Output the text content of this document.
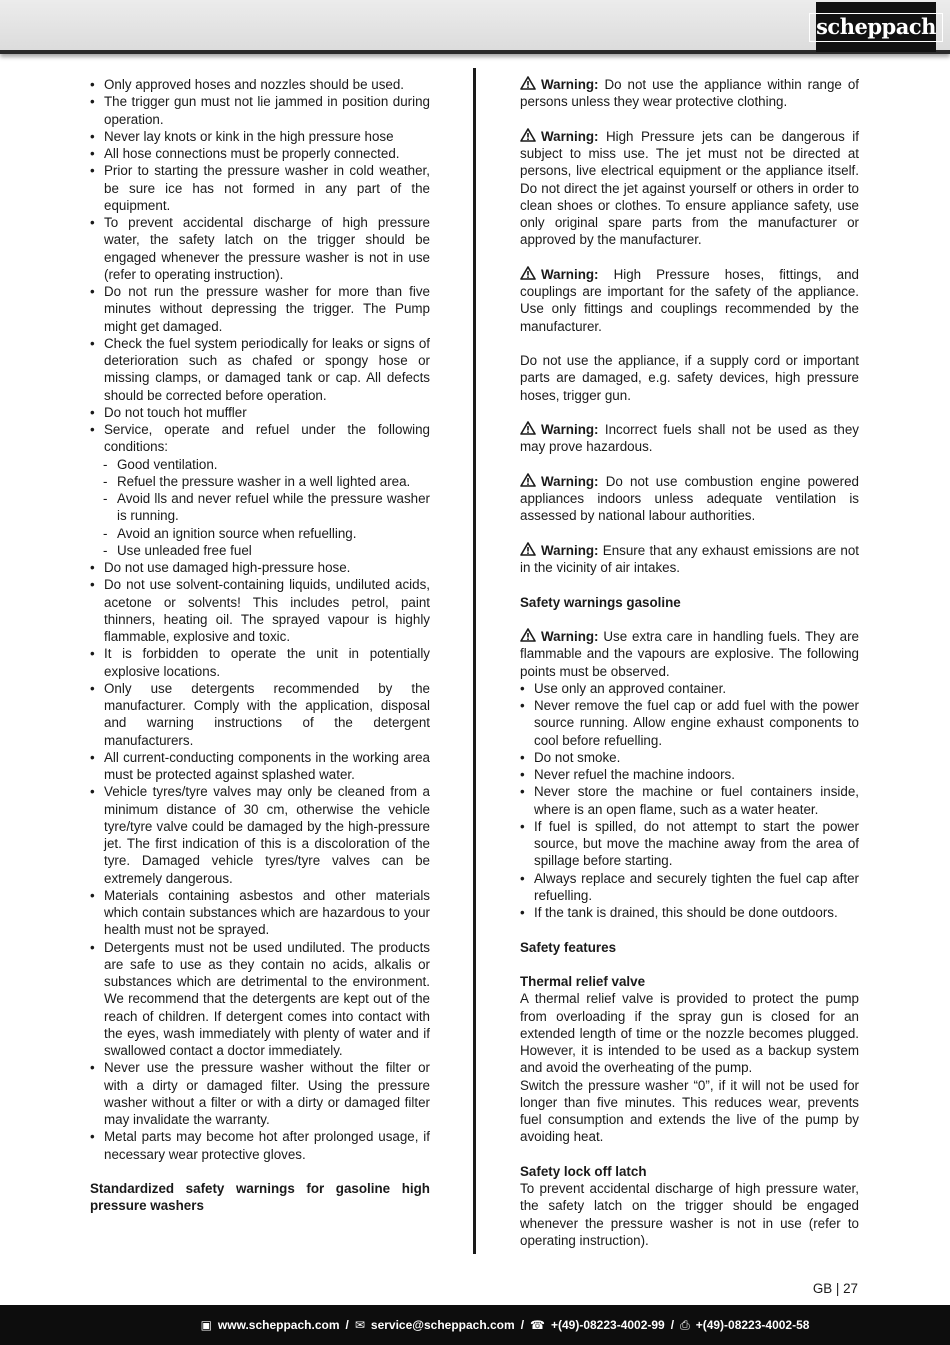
scheppach
• Only approved hoses and nozzles should be used.
• The trigger gun must not lie jammed in position during operation.
• Never lay knots or kink in the high pressure hose
• All hose connections must be properly connected.
• Prior to starting the pressure washer in cold weather, be sure ice has not formed in any part of the equipment.
• To prevent accidental discharge of high pressure water, the safety latch on the trigger should be engaged whenever the pressure washer is not in use (refer to operating instruction).
• Do not run the pressure washer for more than five minutes without depressing the trigger. The Pump might get damaged.
• Check the fuel system periodically for leaks or signs of deterioration such as chafed or spongy hose or missing clamps, or damaged tank or cap. All defects should be corrected before operation.
• Do not touch hot muffler
• Service, operate and refuel under the following conditions:
- Good ventilation.
- Refuel the pressure washer in a well lighted area.
- Avoid lls and never refuel while the pressure washer is running.
- Avoid an ignition source when refuelling.
- Use unleaded free fuel
• Do not use damaged high-pressure hose.
• Do not use solvent-containing liquids, undiluted acids, acetone or solvents! This includes petrol, paint thinners, heating oil. The sprayed vapour is highly flammable, explosive and toxic.
• It is forbidden to operate the unit in potentially explosive locations.
• Only use detergents recommended by the manufacturer. Comply with the application, disposal and warning instructions of the detergent manufacturers.
• All current-conducting components in the working area must be protected against splashed water.
• Vehicle tyres/tyre valves may only be cleaned from a minimum distance of 30 cm, otherwise the vehicle tyre/tyre valve could be damaged by the high-pressure jet. The first indication of this is a discoloration of the tyre. Damaged vehicle tyres/tyre valves can be extremely dangerous.
• Materials containing asbestos and other materials which contain substances which are hazardous to your health must not be sprayed.
• Detergents must not be used undiluted. The products are safe to use as they contain no acids, alkalis or substances which are detrimental to the environment. We recommend that the detergents are kept out of the reach of children. If detergent comes into contact with the eyes, wash immediately with plenty of water and if swallowed contact a doctor immediately.
• Never use the pressure washer without the filter or with a dirty or damaged filter. Using the pressure washer without a filter or with a dirty or damaged filter may invalidate the warranty.
• Metal parts may become hot after prolonged usage, if necessary wear protective gloves.

Standardized safety warnings for gasoline high pressure washers

Warning: Do not use the appliance within range of persons unless they wear protective clothing.

Warning: High Pressure jets can be dangerous if subject to miss use. The jet must not be directed at persons, live electrical equipment or the appliance itself. Do not direct the jet against yourself or others in order to clean shoes or clothes. To ensure appliance safety, use only original spare parts from the manufacturer or approved by the manufacturer.

Warning: High Pressure hoses, fittings, and couplings are important for the safety of the appliance. Use only fittings and couplings recommended by the manufacturer.

Do not use the appliance, if a supply cord or important parts are damaged, e.g. safety devices, high pressure hoses, trigger gun.

Warning: Incorrect fuels shall not be used as they may prove hazardous.

Warning: Do not use combustion engine powered appliances indoors unless adequate ventilation is assessed by national labour authorities.

Warning: Ensure that any exhaust emissions are not in the vicinity of air intakes.

Safety warnings gasoline

Warning: Use extra care in handling fuels. They are flammable and the vapours are explosive. The following points must be observed.

• Use only an approved container.
• Never remove the fuel cap or add fuel with the power source running. Allow engine exhaust components to cool before refuelling.
• Do not smoke.
• Never refuel the machine indoors.
• Never store the machine or fuel containers inside, where is an open flame, such as a water heater.
• If fuel is spilled, do not attempt to start the power source, but move the machine away from the area of spillage before starting.
• Always replace and securely tighten the fuel cap after refuelling.
• If the tank is drained, this should be done outdoors.

Safety features

Thermal relief valve

A thermal relief valve is provided to protect the pump from overloading if the spray gun is closed for an extended length of time or the nozzle becomes plugged. However, it is intended to be used as a backup system and avoid the overheating of the pump.

Switch the pressure washer “0”, if it will not be used for longer than five minutes. This reduces wear, prevents fuel consumption and extends the live of the pump by avoiding heat.

Safety lock off latch

To prevent accidental discharge of high pressure water, the safety latch on the trigger should be engaged whenever the pressure washer is not in use (refer to operating instruction).

GB | 27
▣ www.scheppach.com / ✉ service@scheppach.com / ☎ +(49)-08223-4002-99 / ⎙ +(49)-08223-4002-58
